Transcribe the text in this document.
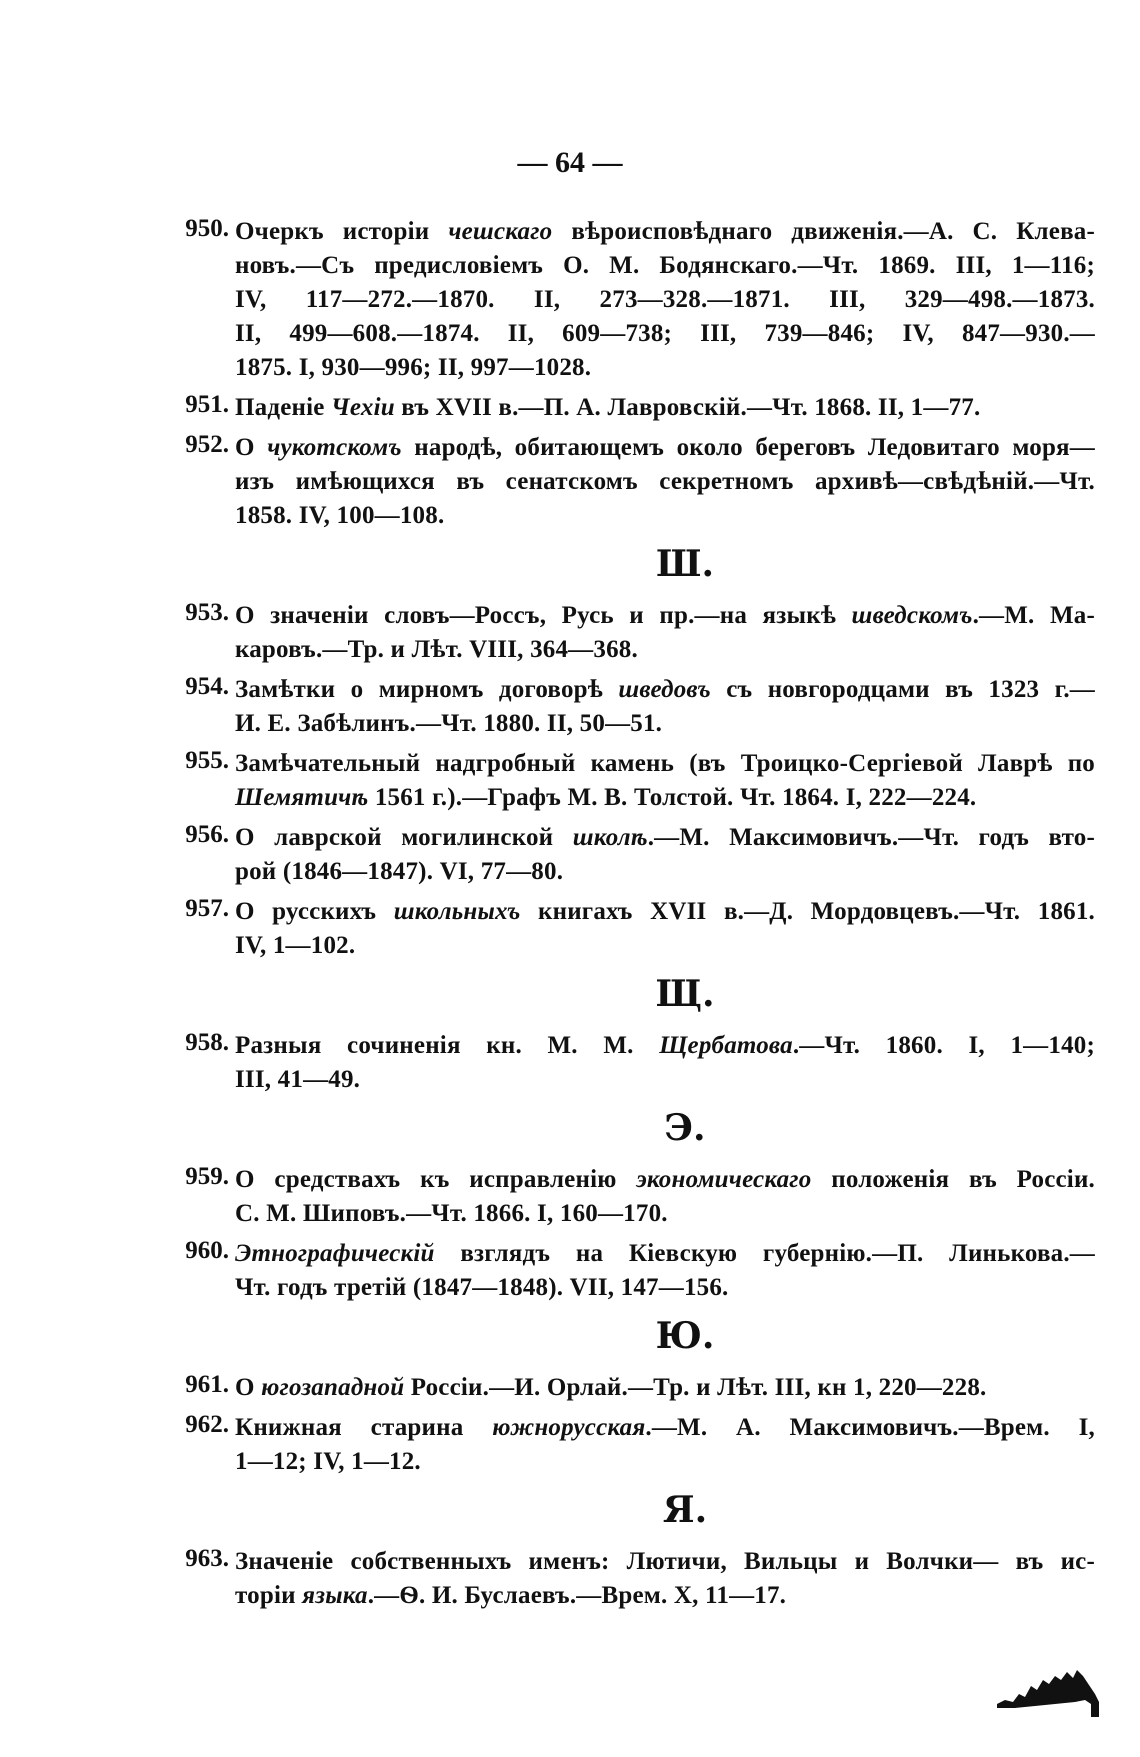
— 64 —
950. Очеркъ исторіи чешскаго вѣроисповѣднаго движенія.—А. С. Клева-
новъ.—Съ предисловіемъ О. М. Бодянскаго.—Чт. 1869. III, 1—116;
IV, 117—272.—1870. II, 273—328.—1871. III, 329—498.—1873.
II, 499—608.—1874. II, 609—738; III, 739—846; IV, 847—930.—
1875. I, 930—996; II, 997—1028.
951. Паденіе Чехіи въ XVII в.—П. А. Лавровскій.—Чт. 1868. II, 1—77.
952. О чукотскомъ народѣ, обитающемъ около береговъ Ледовитаго моря—
изъ имѣющихся въ сенатскомъ секретномъ архивѣ—свѣдѣній.—Чт.
1858. IV, 100—108.
Ш.
953. О значеніи словъ—Россъ, Русь и пр.—на языкѣ шведскомъ.—М. Ма-
каровъ.—Тр. и Лѣт. VIII, 364—368.
954. Замѣтки о мирномъ договорѣ шведовъ съ новгородцами въ 1323 г.—
И. Е. Забѣлинъ.—Чт. 1880. II, 50—51.
955. Замѣчательный надгробный камень (въ Троицко-Сергіевой Лаврѣ по
Шемятичѣ 1561 г.).—Графъ М. В. Толстой. Чт. 1864. I, 222—224.
956. О лаврской могилинской школѣ.—М. Максимовичъ.—Чт. годъ вто-
рой (1846—1847). VI, 77—80.
957. О русскихъ школьныхъ книгахъ XVII в.—Д. Мордовцевъ.—Чт. 1861.
IV, 1—102.
Щ.
958. Разныя сочиненія кн. М. М. Щербатова.—Чт. 1860. I, 1—140;
III, 41—49.
Э.
959. О средствахъ къ исправленію экономическаго положенія въ Россіи.
С. М. Шиповъ.—Чт. 1866. I, 160—170.
960. Этнографическій взглядъ на Кіевскую губернію.—П. Линькова.—
Чт. годъ третій (1847—1848). VII, 147—156.
Ю.
961. О югозападной Россіи.—И. Орлай.—Тр. и Лѣт. III, кн 1, 220—228.
962. Книжная старина южнорусская.—М. А. Максимовичъ.—Врем. I,
1—12; IV, 1—12.
Я.
963. Значеніе собственныхъ именъ: Лютичи, Вильцы и Волчки— въ ис-
торіи языка.—Ѳ. И. Буслаевъ.—Врем. X, 11—17.
